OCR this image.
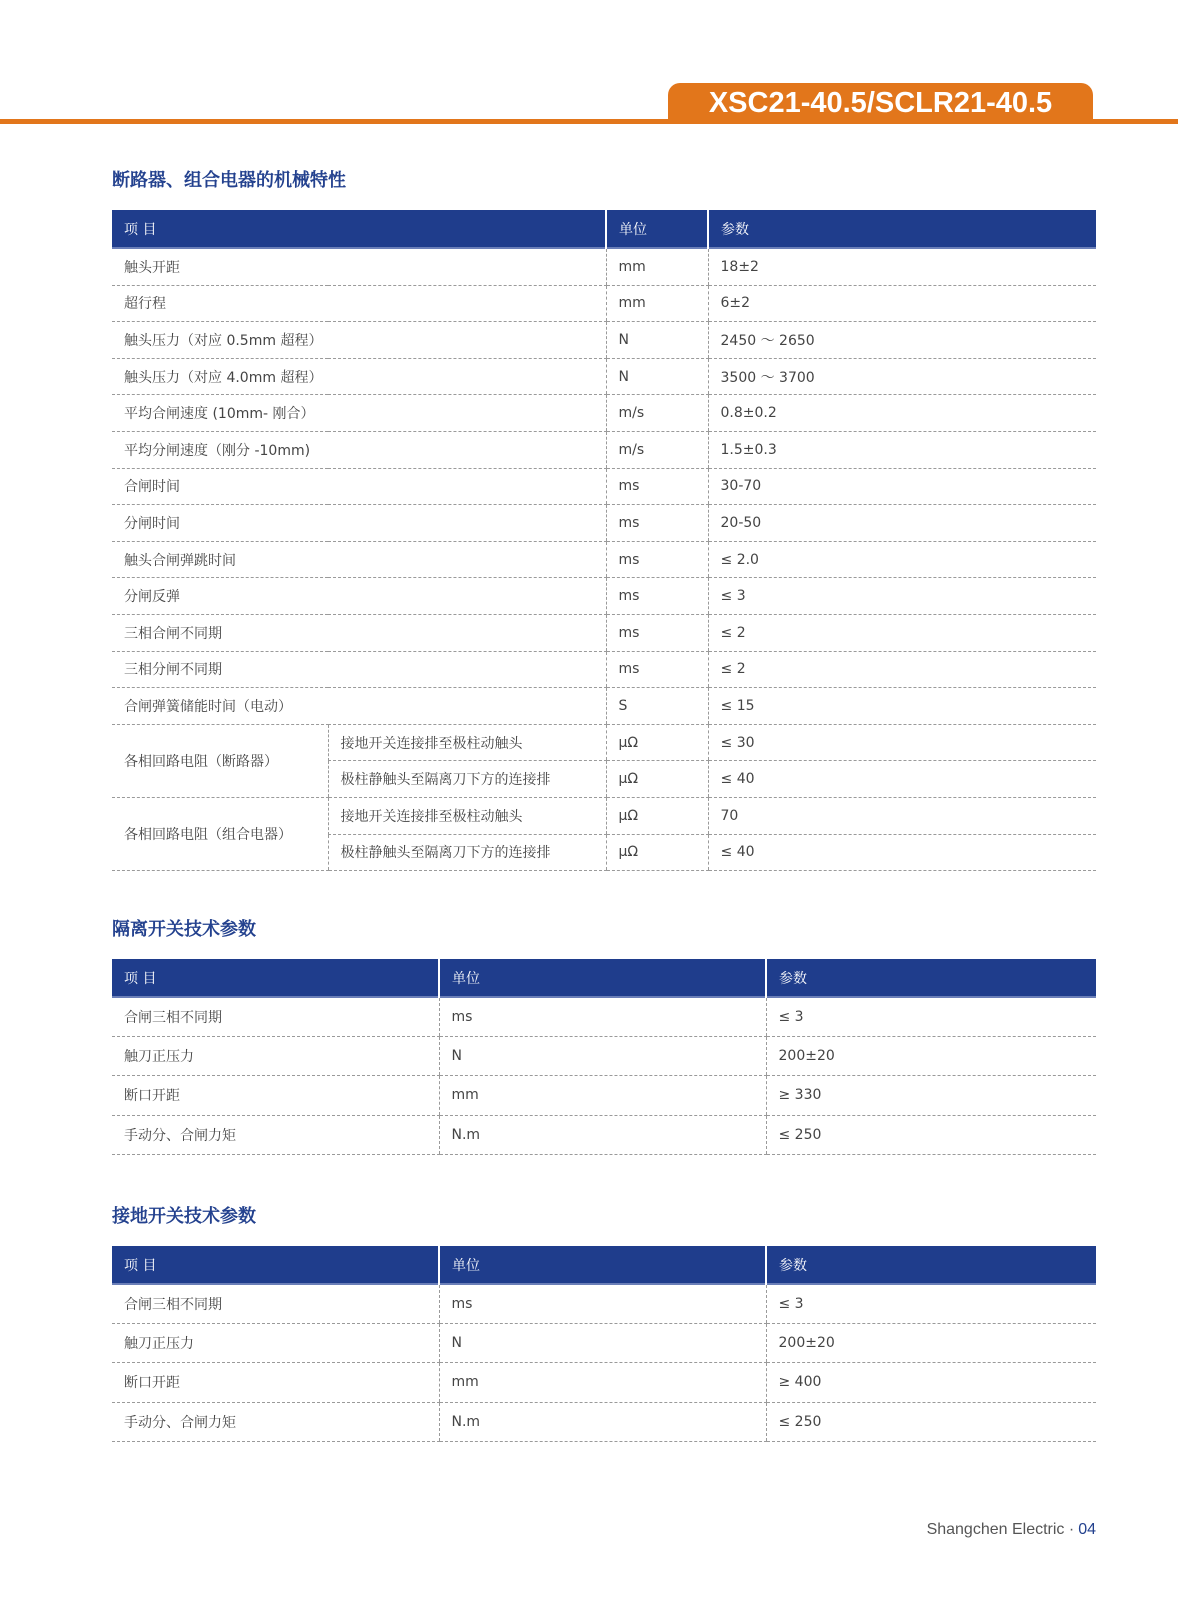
XSC21-40.5/SCLR21-40.5
断路器、组合电器的机械特性
项 目		单位	参数
触头开距		mm	18±2
超行程		mm	6±2
触头压力（对应 0.5mm 超程）		N	2450 ～ 2650
触头压力（对应 4.0mm 超程）		N	3500 ～ 3700
平均合闸速度 (10mm- 刚合）		m/s	0.8±0.2
平均分闸速度（刚分 -10mm)		m/s	1.5±0.3
合闸时间		ms	30-70
分闸时间		ms	20-50
触头合闸弹跳时间		ms	≤ 2.0
分闸反弹		ms	≤ 3
三相合闸不同期		ms	≤ 2
三相分闸不同期		ms	≤ 2
合闸弹簧储能时间（电动）		S	≤ 15
各相回路电阻（断路器）	接地开关连接排至极柱动触头	μΩ	≤ 30
	极柱静触头至隔离刀下方的连接排	μΩ	≤ 40
各相回路电阻（组合电器）	接地开关连接排至极柱动触头	μΩ	70
	极柱静触头至隔离刀下方的连接排	μΩ	≤ 40
隔离开关技术参数
项 目	单位	参数
合闸三相不同期	ms	≤ 3
触刀正压力	N	200±20
断口开距	mm	≥ 330
手动分、合闸力矩	N.m	≤ 250
接地开关技术参数
项 目	单位	参数
合闸三相不同期	ms	≤ 3
触刀正压力	N	200±20
断口开距	mm	≥ 400
手动分、合闸力矩	N.m	≤ 250
Shangchen Electric · 04
